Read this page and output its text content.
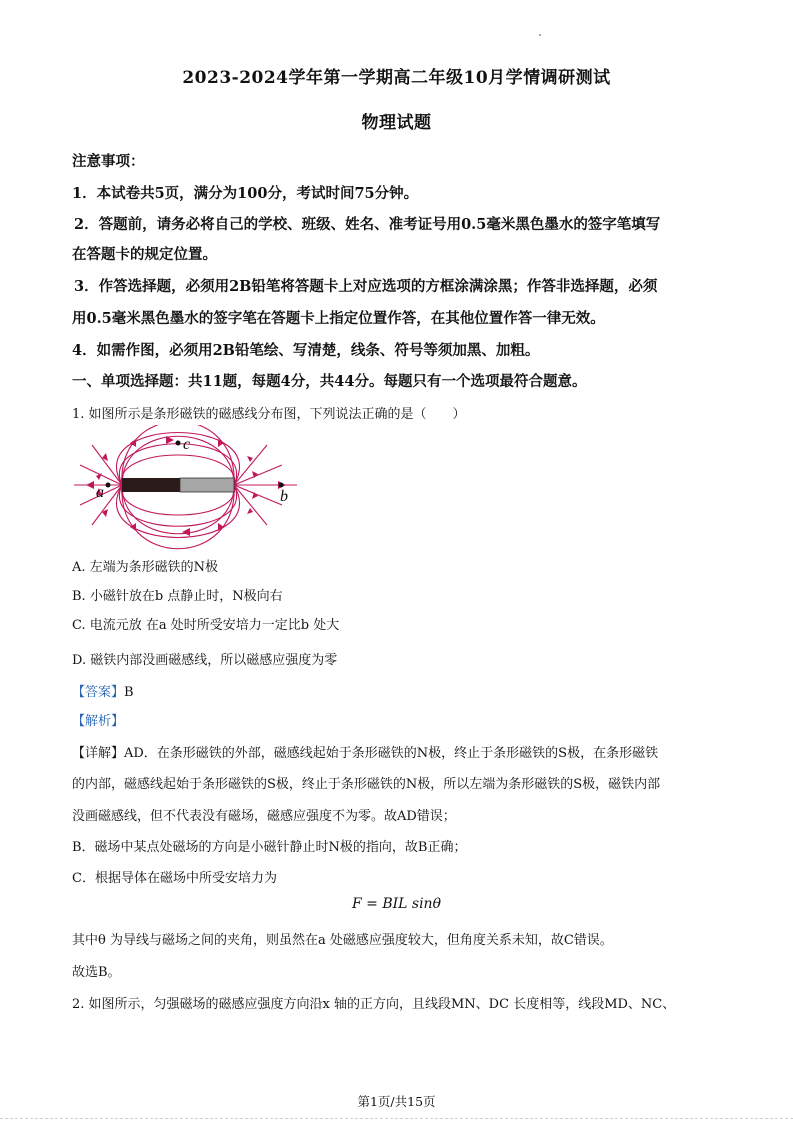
2023-2024学年第一学期高二年级10月学情调研测试
物理试题
注意事项：
1．本试卷共5页，满分为100分，考试时间75分钟。
2．答题前，请务必将自己的学校、班级、姓名、准考证号用0.5毫米黑色墨水的签字笔填写
在答题卡的规定位置。
3．作答选择题，必须用2B铅笔将答题卡上对应选项的方框涂满涂黑；作答非选择题，必须
用0.5毫米黑色墨水的签字笔在答题卡上指定位置作答，在其他位置作答一律无效。
4．如需作图，必须用2B铅笔绘、写清楚，线条、符号等须加黑、加粗。
一、单项选择题：共11题，每题4分，共44分。每题只有一个选项最符合题意。
1. 如图所示是条形磁铁的磁感线分布图，下列说法正确的是（　　）
a	b
c
A. 左端为条形磁铁的N极
B. 小磁针放在b 点静止时，N极向右
C. 电流元放 在a 处时所受安培力一定比b 处大
D. 磁铁内部没画磁感线，所以磁感应强度为零
【答案】B
【解析】
【详解】AD．在条形磁铁的外部，磁感线起始于条形磁铁的N极，终止于条形磁铁的S极，在条形磁铁
的内部，磁感线起始于条形磁铁的S极，终止于条形磁铁的N极，所以左端为条形磁铁的S极，磁铁内部
没画磁感线，但不代表没有磁场，磁感应强度不为零。故AD错误；
B．磁场中某点处磁场的方向是小磁针静止时N极的指向，故B正确；
C．根据导体在磁场中所受安培力为
F = BIL sinθ
其中θ 为导线与磁场之间的夹角，则虽然在a 处磁感应强度较大，但角度关系未知，故C错误。
故选B。
2. 如图所示，匀强磁场的磁感应强度方向沿x 轴的正方向，且线段MN、DC 长度相等，线段MD、NC、
第1页/共15页
